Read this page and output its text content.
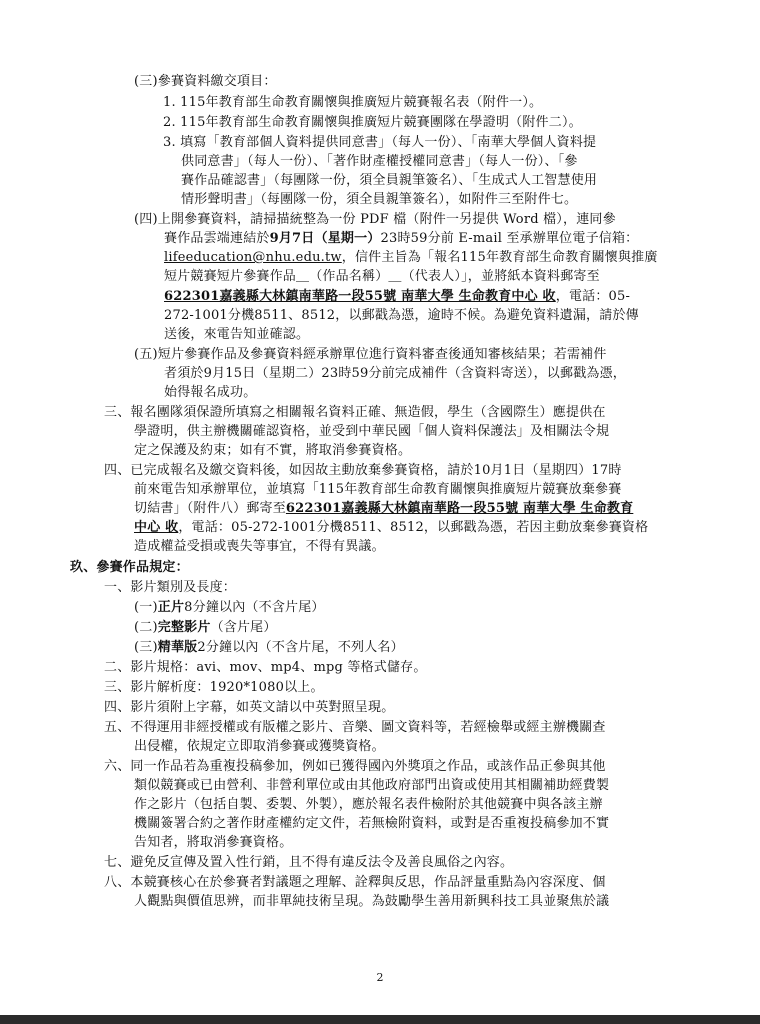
(三)參賽資料繳交項目：
1. 115年教育部生命教育關懷與推廣短片競賽報名表（附件一）。
2. 115年教育部生命教育關懷與推廣短片競賽團隊在學證明（附件二）。
3. 填寫「教育部個人資料提供同意書」（每人一份）、「南華大學個人資料提
供同意書」（每人一份）、「著作財產權授權同意書」（每人一份）、「參
賽作品確認書」（每團隊一份，須全員親筆簽名）、「生成式人工智慧使用
情形聲明書」（每團隊一份，須全員親筆簽名），如附件三至附件七。
(四)上開參賽資料，請掃描統整為一份 PDF 檔（附件一另提供 Word 檔），連同參
賽作品雲端連結於9月7日（星期一）23時59分前 E-mail 至承辦單位電子信箱：
lifeeducation@nhu.edu.tw，信件主旨為「報名115年教育部生命教育關懷與推廣
短片競賽短片參賽作品＿（作品名稱）＿（代表人）」，並將紙本資料郵寄至
622301嘉義縣大林鎮南華路一段55號 南華大學 生命教育中心 收，電話：05-
272-1001分機8511、8512，以郵戳為憑，逾時不候。為避免資料遺漏，請於傳
送後，來電告知並確認。
(五)短片參賽作品及參賽資料經承辦單位進行資料審查後通知審核結果；若需補件
者須於9月15日（星期二）23時59分前完成補件（含資料寄送），以郵戳為憑，
始得報名成功。
三、報名團隊須保證所填寫之相關報名資料正確、無造假，學生（含國際生）應提供在
學證明，供主辦機關確認資格，並受到中華民國「個人資料保護法」及相關法令規
定之保護及約束；如有不實，將取消參賽資格。
四、已完成報名及繳交資料後，如因故主動放棄參賽資格，請於10月1日（星期四）17時
前來電告知承辦單位，並填寫「115年教育部生命教育關懷與推廣短片競賽放棄參賽
切結書」（附件八）郵寄至622301嘉義縣大林鎮南華路一段55號 南華大學 生命教育
中心 收，電話：05-272-1001分機8511、8512，以郵戳為憑，若因主動放棄參賽資格
造成權益受損或喪失等事宜，不得有異議。
玖、參賽作品規定：
一、影片類別及長度：
(一)正片8分鐘以內（不含片尾）
(二)完整影片（含片尾）
(三)精華版2分鐘以內（不含片尾，不列人名）
二、影片規格：avi、mov、mp4、mpg 等格式儲存。
三、影片解析度：1920*1080以上。
四、影片須附上字幕，如英文請以中英對照呈現。
五、不得運用非經授權或有版權之影片、音樂、圖文資料等，若經檢舉或經主辦機關查
出侵權，依規定立即取消參賽或獲獎資格。
六、同一作品若為重複投稿參加，例如已獲得國內外獎項之作品，或該作品正參與其他
類似競賽或已由營利、非營利單位或由其他政府部門出資或使用其相關補助經費製
作之影片（包括自製、委製、外製），應於報名表件檢附於其他競賽中與各該主辦
機關簽署合約之著作財產權約定文件，若無檢附資料，或對是否重複投稿參加不實
告知者，將取消參賽資格。
七、避免反宣傳及置入性行銷，且不得有違反法令及善良風俗之內容。
八、本競賽核心在於參賽者對議題之理解、詮釋與反思，作品評量重點為內容深度、個
人觀點與價值思辨，而非單純技術呈現。為鼓勵學生善用新興科技工具並聚焦於議
2
